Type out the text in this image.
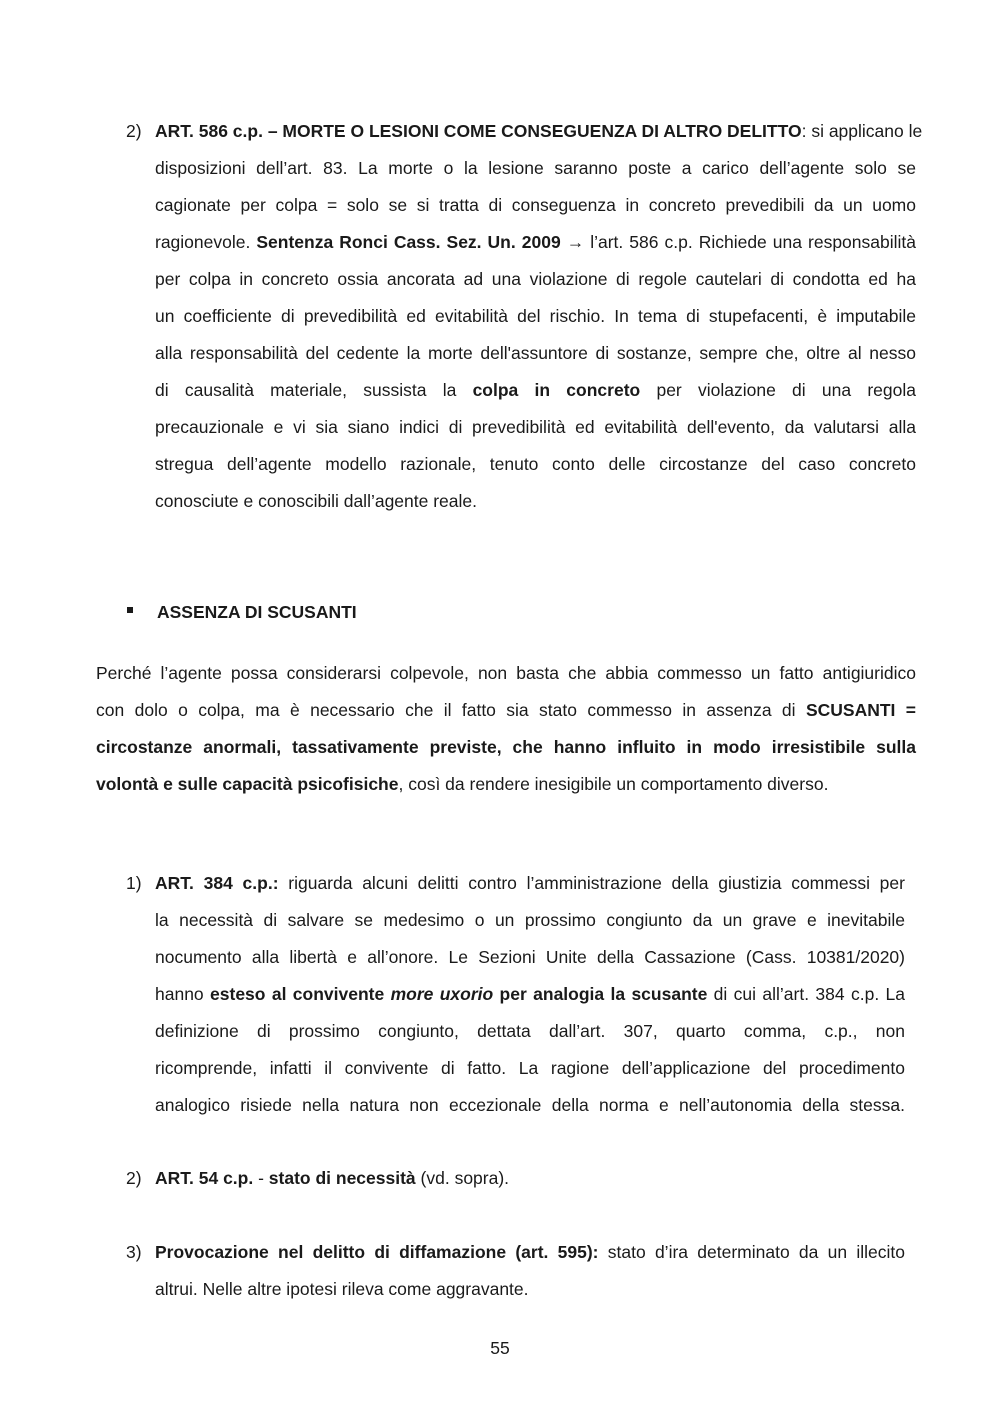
2) ART. 586 c.p. – MORTE O LESIONI COME CONSEGUENZA DI ALTRO DELITTO: si applicano le
disposizioni dell’art. 83. La morte o la lesione saranno poste a carico dell’agente solo se
cagionate per colpa = solo se si tratta di conseguenza in concreto prevedibili da un uomo
ragionevole. Sentenza Ronci Cass. Sez. Un. 2009 → l’art. 586 c.p. Richiede una responsabilità
per colpa in concreto ossia ancorata ad una violazione di regole cautelari di condotta ed ha
un coefficiente di prevedibilità ed evitabilità del rischio. In tema di stupefacenti, è imputabile
alla responsabilità del cedente la morte dell'assuntore di sostanze, sempre che, oltre al nesso
di causalità materiale, sussista la colpa in concreto per violazione di una regola
precauzionale e vi sia siano indici di prevedibilità ed evitabilità dell'evento, da valutarsi alla
stregua dell’agente modello razionale, tenuto conto delle circostanze del caso concreto
conosciute e conoscibili dall’agente reale.
ASSENZA DI SCUSANTI
Perché l’agente possa considerarsi colpevole, non basta che abbia commesso un fatto antigiuridico
con dolo o colpa, ma è necessario che il fatto sia stato commesso in assenza di SCUSANTI =
circostanze anormali, tassativamente previste, che hanno influito in modo irresistibile sulla
volontà e sulle capacità psicofisiche, così da rendere inesigibile un comportamento diverso.
1) ART. 384 c.p.: riguarda alcuni delitti contro l’amministrazione della giustizia commessi per
la necessità di salvare se medesimo o un prossimo congiunto da un grave e inevitabile
nocumento alla libertà e all’onore. Le Sezioni Unite della Cassazione (Cass. 10381/2020)
hanno esteso al convivente more uxorio per analogia la scusante di cui all’art. 384 c.p. La
definizione di prossimo congiunto, dettata dall’art. 307, quarto comma, c.p., non
ricomprende, infatti il convivente di fatto. La ragione dell’applicazione del procedimento
analogico risiede nella natura non eccezionale della norma e nell’autonomia della stessa.
2) ART. 54 c.p. - stato di necessità (vd. sopra).
3) Provocazione nel delitto di diffamazione (art. 595): stato d’ira determinato da un illecito
altrui. Nelle altre ipotesi rileva come aggravante.
55
